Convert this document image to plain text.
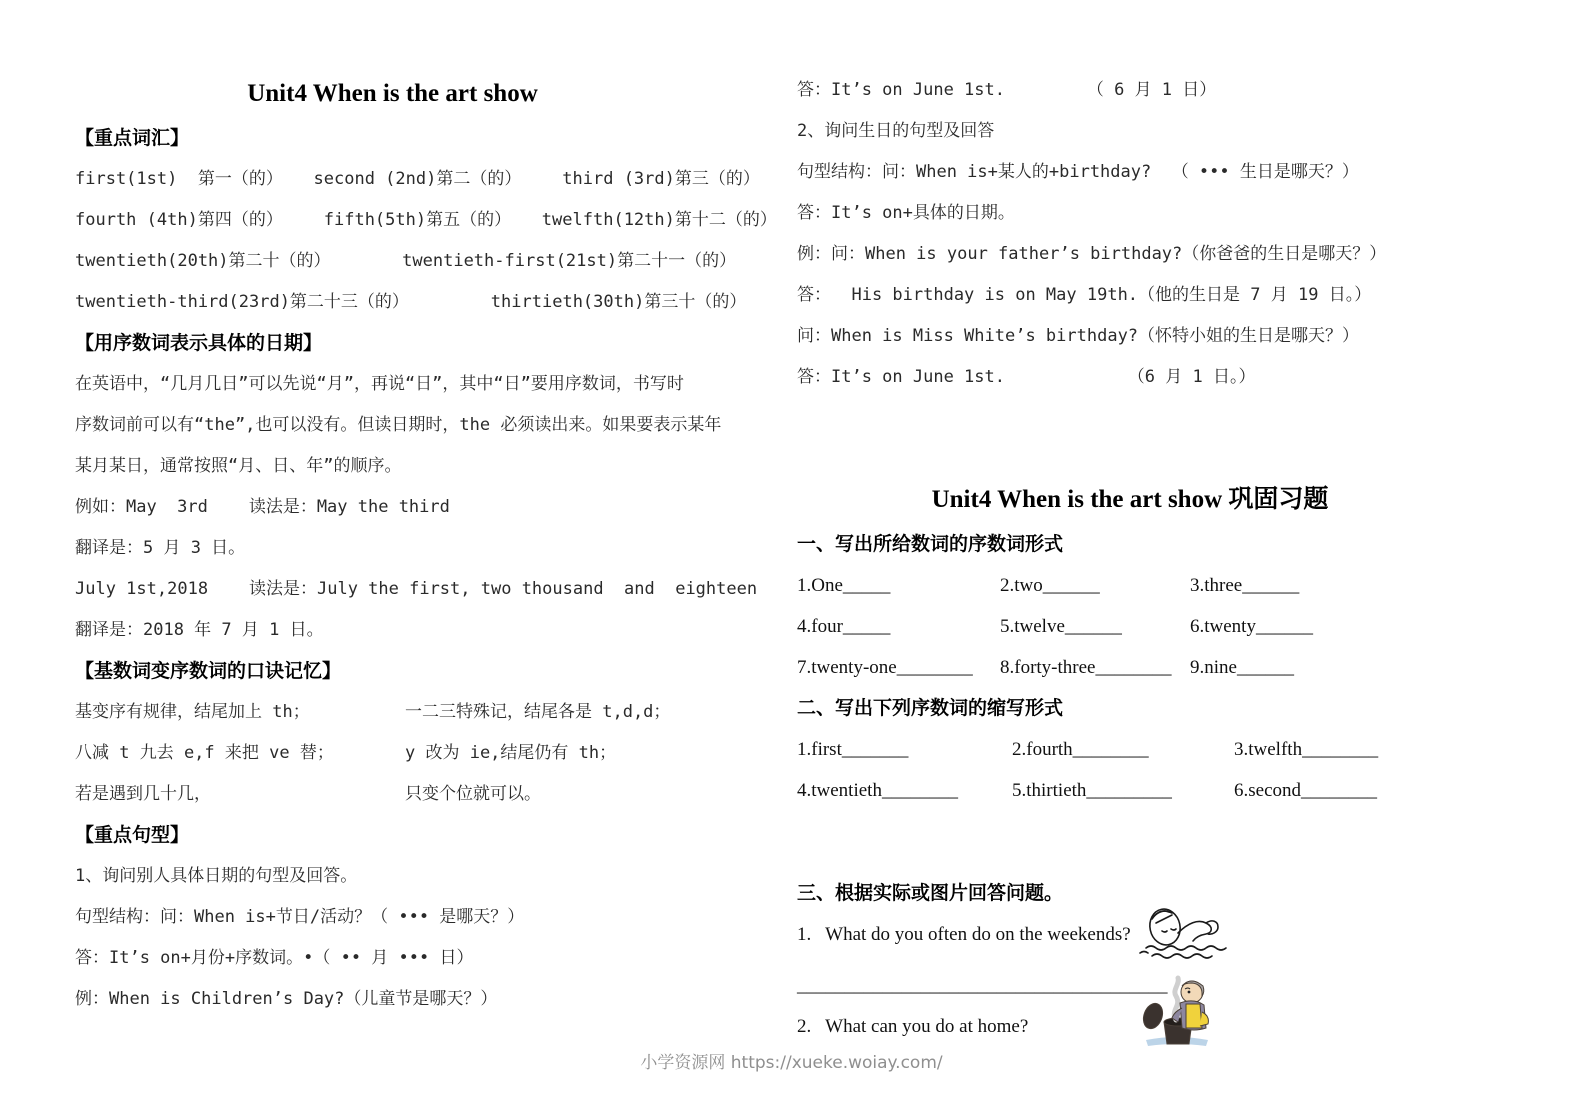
Unit4 When is the art show
【重点词汇】
first(1st)  第一（的）   second (2nd)第二（的）    third (3rd)第三（的）
fourth (4th)第四（的）    fifth(5th)第五（的）   twelfth(12th)第十二（的）
twentieth(20th)第二十（的）       twentieth-first(21st)第二十一（的）
twentieth-third(23rd)第二十三（的）        thirtieth(30th)第三十（的）
【用序数词表示具体的日期】
在英语中，“几月几日”可以先说“月”，再说“日”，其中“日”要用序数词，书写时
序数词前可以有“the”,也可以没有。但读日期时，the 必须读出来。如果要表示某年
某月某日，通常按照“月、日、年”的顺序。
例如：May  3rd    读法是：May the third
翻译是：5 月 3 日。
July 1st,2018    读法是：July the first, two thousand  and  eighteen
翻译是：2018 年 7 月 1 日。
【基数词变序数词的口诀记忆】
基变序有规律，结尾加上 th；	一二三特殊记，结尾各是 t,d,d；
八减 t 九去 e,f 来把 ve 替；	y 改为 ie,结尾仍有 th；
若是遇到几十几，	只变个位就可以。
【重点句型】
1、询问别人具体日期的句型及回答。
句型结构：问：When is+节日/活动？（ ••• 是哪天？）
答：It’s on+月份+序数词。•（ •• 月 ••• 日）
例：When is Children’s Day?（儿童节是哪天？）
答：It’s on June 1st.        （ 6 月 1 日）
2、询问生日的句型及回答
句型结构：问：When is+某人的+birthday?  （ ••• 生日是哪天？）
答：It’s on+具体的日期。
例：问：When is your father’s birthday?（你爸爸的生日是哪天？）
答：  His birthday is on May 19th.（他的生日是 7 月 19 日。）
问：When is Miss White’s birthday?（怀特小姐的生日是哪天？）
答：It’s on June 1st.            （6 月 1 日。）
Unit4 When is the art show 巩固习题
一、写出所给数词的序数词形式
1.One_____	2.two______	3.three______
4.four_____	5.twelve______	6.twenty______
7.twenty-one________	8.forty-three________ 9.nine______
二、写出下列序数词的缩写形式
1.first_______	2.fourth________	3.twelfth________
4.twentieth________	5.thirtieth_________	6.second________
三、根据实际或图片回答问题。
1.   What do you often do on the weekends?
_______________________________________
2.   What can you do at home?
小学资源网 https://xueke.woiay.com/
